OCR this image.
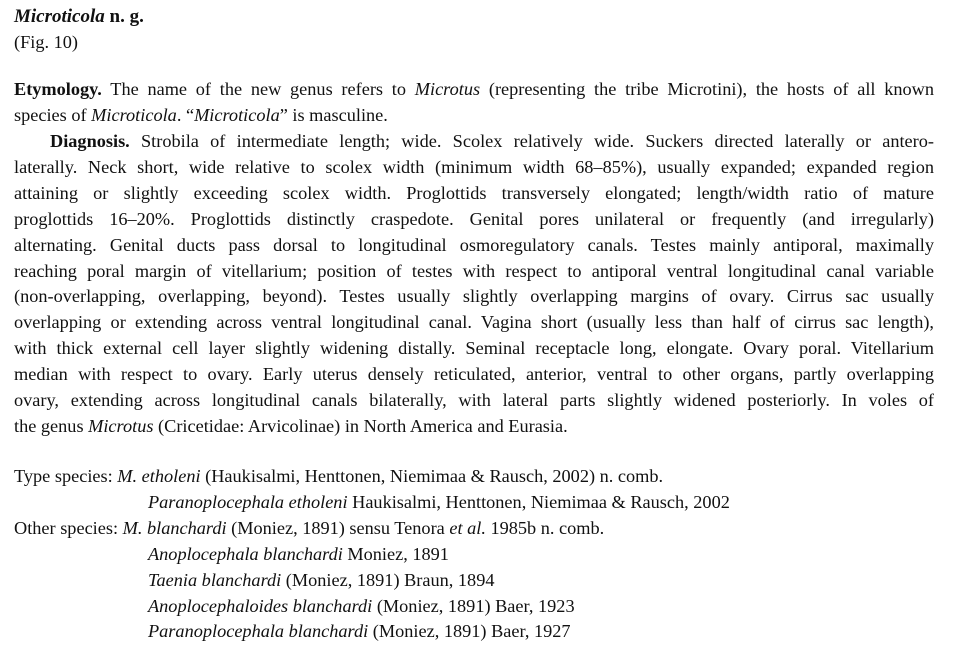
Microticola n. g.
(Fig. 10)
Etymology. The name of the new genus refers to Microtus (representing the tribe Microtini), the hosts of all known
species of Microticola. “Microticola” is masculine.
Diagnosis. Strobila of intermediate length; wide. Scolex relatively wide. Suckers directed laterally or antero-
laterally. Neck short, wide relative to scolex width (minimum width 68–85%), usually expanded; expanded region
attaining or slightly exceeding scolex width. Proglottids transversely elongated; length/width ratio of mature
proglottids 16–20%. Proglottids distinctly craspedote. Genital pores unilateral or frequently (and irregularly)
alternating. Genital ducts pass dorsal to longitudinal osmoregulatory canals. Testes mainly antiporal, maximally
reaching poral margin of vitellarium; position of testes with respect to antiporal ventral longitudinal canal variable
(non-overlapping, overlapping, beyond). Testes usually slightly overlapping margins of ovary. Cirrus sac usually
overlapping or extending across ventral longitudinal canal. Vagina short (usually less than half of cirrus sac length),
with thick external cell layer slightly widening distally. Seminal receptacle long, elongate. Ovary poral. Vitellarium
median with respect to ovary. Early uterus densely reticulated, anterior, ventral to other organs, partly overlapping
ovary, extending across longitudinal canals bilaterally, with lateral parts slightly widened posteriorly. In voles of
the genus Microtus (Cricetidae: Arvicolinae) in North America and Eurasia.
Type species: M. etholeni (Haukisalmi, Henttonen, Niemimaa & Rausch, 2002) n. comb.
Paranoplocephala etholeni Haukisalmi, Henttonen, Niemimaa & Rausch, 2002
Other species: M. blanchardi (Moniez, 1891) sensu Tenora et al. 1985b n. comb.
Anoplocephala blanchardi Moniez, 1891
Taenia blanchardi (Moniez, 1891) Braun, 1894
Anoplocephaloides blanchardi (Moniez, 1891) Baer, 1923
Paranoplocephala blanchardi (Moniez, 1891) Baer, 1927
